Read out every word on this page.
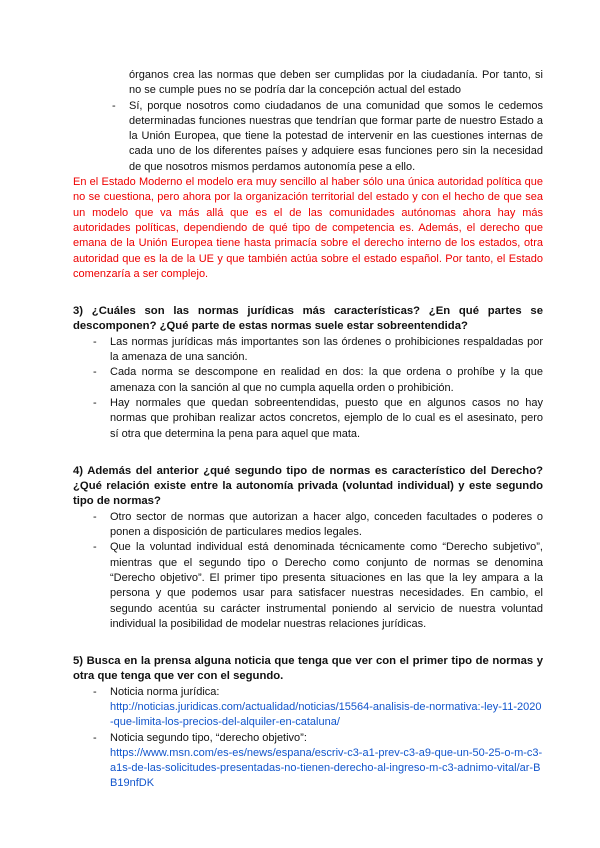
órganos crea las normas que deben ser cumplidas por la ciudadanía. Por tanto, si no se cumple pues no se podría dar la concepción actual del estado
- Sí, porque nosotros como ciudadanos de una comunidad que somos le cedemos determinadas funciones nuestras que tendrían que formar parte de nuestro Estado a la Unión Europea, que tiene la potestad de intervenir en las cuestiones internas de cada uno de los diferentes países y adquiere esas funciones pero sin la necesidad de que nosotros mismos perdamos autonomía pese a ello.
En el Estado Moderno el modelo era muy sencillo al haber sólo una única autoridad política que no se cuestiona, pero ahora por la organización territorial del estado y con el hecho de que sea un modelo que va más allá que es el de las comunidades autónomas ahora hay más autoridades políticas, dependiendo de qué tipo de competencia es. Además, el derecho que emana de la Unión Europea tiene hasta primacía sobre el derecho interno de los estados, otra autoridad que es la de la UE y que también actúa sobre el estado español. Por tanto, el Estado comenzaría a ser complejo.
3) ¿Cuáles son las normas jurídicas más características? ¿En qué partes se descomponen? ¿Qué parte de estas normas suele estar sobreentendida?
- Las normas jurídicas más importantes son las órdenes o prohibiciones respaldadas por la amenaza de una sanción.
- Cada norma se descompone en realidad en dos: la que ordena o prohíbe y la que amenaza con la sanción al que no cumpla aquella orden o prohibición.
- Hay normales que quedan sobreentendidas, puesto que en algunos casos no hay normas que prohiban realizar actos concretos, ejemplo de lo cual es el asesinato, pero sí otra que determina la pena para aquel que mata.
4) Además del anterior ¿qué segundo tipo de normas es característico del Derecho? ¿Qué relación existe entre la autonomía privada (voluntad individual) y este segundo tipo de normas?
- Otro sector de normas que autorizan a hacer algo, conceden facultades o poderes o ponen a disposición de particulares medios legales.
- Que la voluntad individual está denominada técnicamente como “Derecho subjetivo”, mientras que el segundo tipo o Derecho como conjunto de normas se denomina “Derecho objetivo”. El primer tipo presenta situaciones en las que la ley ampara a la persona y que podemos usar para satisfacer nuestras necesidades. En cambio, el segundo acentúa su carácter instrumental poniendo al servicio de nuestra voluntad individual la posibilidad de modelar nuestras relaciones jurídicas.
5) Busca en la prensa alguna noticia que tenga que ver con el primer tipo de normas y otra que tenga que ver con el segundo.
- Noticia norma jurídica:
http://noticias.juridicas.com/actualidad/noticias/15564-analisis-de-normativa:-ley-11-2020-que-limita-los-precios-del-alquiler-en-cataluna/
- Noticia segundo tipo, “derecho objetivo”:
https://www.msn.com/es-es/news/espana/escriv-c3-a1-prev-c3-a9-que-un-50-25-o-m-c3-a1s-de-las-solicitudes-presentadas-no-tienen-derecho-al-ingreso-m-c3-adnimo-vital/ar-BB19nfDK
